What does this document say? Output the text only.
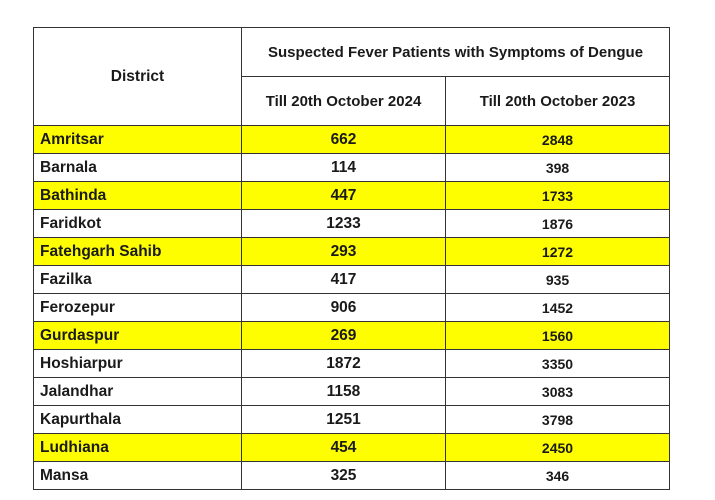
District	Suspected Fever Patients with Symptoms of Dengue	
	Till 20th October 2024	Till 20th October 2023
Amritsar	662	2848
Barnala	114	398
Bathinda	447	1733
Faridkot	1233	1876
Fatehgarh Sahib	293	1272
Fazilka	417	935
Ferozepur	906	1452
Gurdaspur	269	1560
Hoshiarpur	1872	3350
Jalandhar	1158	3083
Kapurthala	1251	3798
Ludhiana	454	2450
Mansa	325	346
